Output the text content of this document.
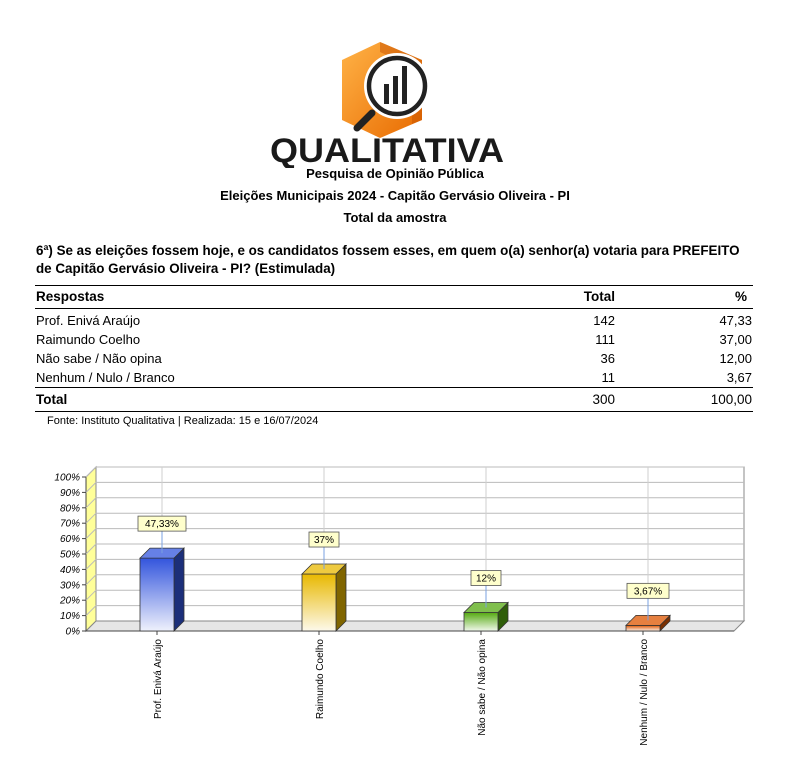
QUALITATIVA
Pesquisa de Opinião Pública
Eleições Municipais 2024 - Capitão Gervásio Oliveira - PI
Total da amostra
6ª) Se as eleições fossem hoje, e os candidatos fossem esses, em quem o(a) senhor(a) votaria para PREFEITO de Capitão Gervásio Oliveira - PI? (Estimulada)
Respostas	Total	%
Prof. Enivá Araújo	142	47,33
Raimundo Coelho	111	37,00
Não sabe / Não opina	36	12,00
Nenhum / Nulo / Branco	11	3,67
Total	300	100,00
Fonte: Instituto Qualitativa | Realizada: 15 e 16/07/2024
0%
10%
20%
30%
40%
50%
60%
70%
80%
90%
100%
47,33%
37%
12%
3,67%
Prof. Enivá Araújo	Raimundo Coelho	Não sabe / Não opina	Nenhum / Nulo / Branco
